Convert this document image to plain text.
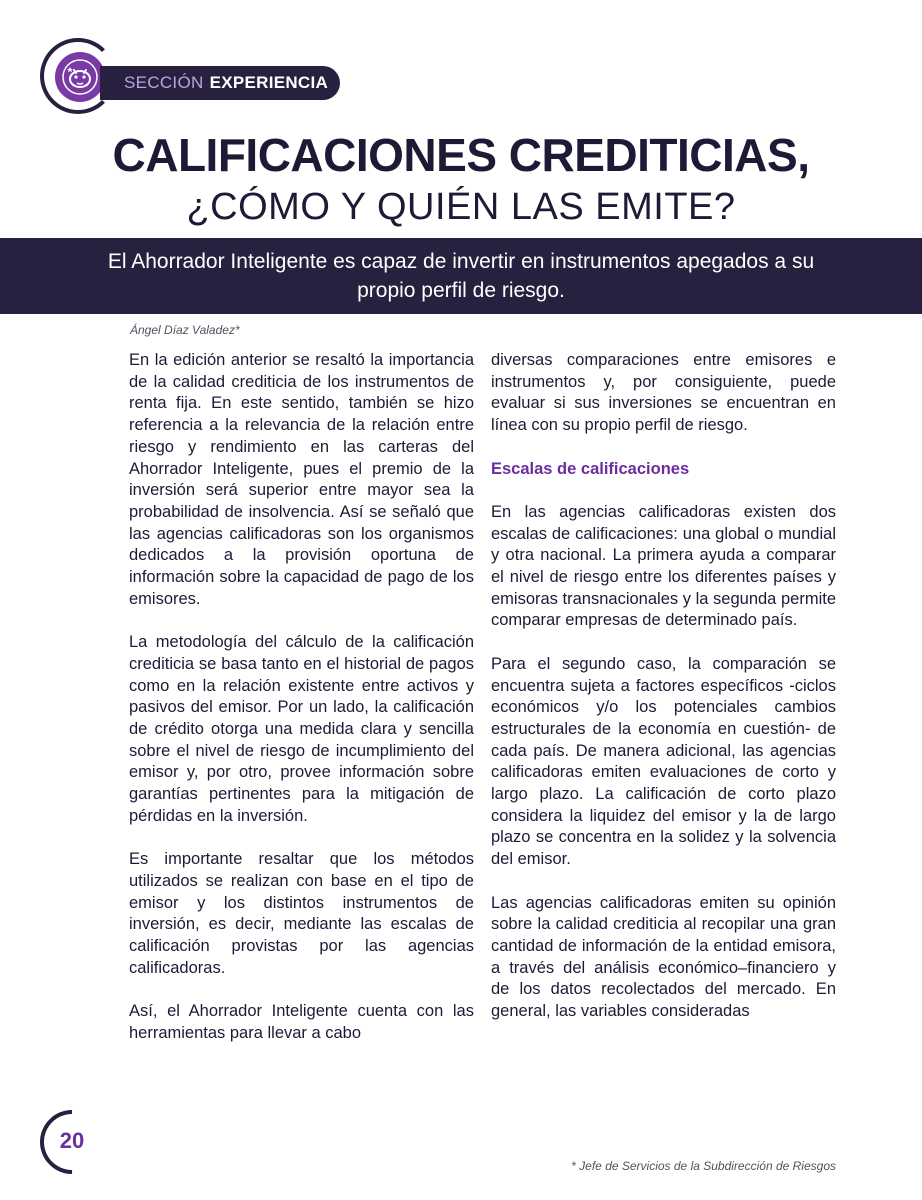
SECCIÓN EXPERIENCIA
CALIFICACIONES CREDITICIAS,
¿CÓMO Y QUIÉN LAS EMITE?

El Ahorrador Inteligente es capaz de invertir en instrumentos apegados a su propio perfil de riesgo.

Ángel Díaz Valadez*

En la edición anterior se resaltó la importancia de la calidad crediticia de los instrumentos de renta fija. En este sentido, también se hizo referencia a la relevancia de la relación entre riesgo y rendimiento en las carteras del Ahorrador Inteligente, pues el premio de la inversión será superior entre mayor sea la probabilidad de insolvencia. Así se señaló que las agencias calificadoras son los organismos dedicados a la provisión oportuna de información sobre la capacidad de pago de los emisores.

La metodología del cálculo de la calificación crediticia se basa tanto en el historial de pagos como en la relación existente entre activos y pasivos del emisor. Por un lado, la calificación de crédito otorga una medida clara y sencilla sobre el nivel de riesgo de incumplimiento del emisor y, por otro, provee información sobre garantías pertinentes para la mitigación de pérdidas en la inversión.

Es importante resaltar que los métodos utilizados se realizan con base en el tipo de emisor y los distintos instrumentos de inversión, es decir, mediante las escalas de calificación provistas por las agencias calificadoras.

Así, el Ahorrador Inteligente cuenta con las herramientas para llevar a cabo

diversas comparaciones entre emisores e instrumentos y, por consiguiente, puede evaluar si sus inversiones se encuentran en línea con su propio perfil de riesgo.

Escalas de calificaciones

En las agencias calificadoras existen dos escalas de calificaciones: una global o mundial y otra nacional. La primera ayuda a comparar el nivel de riesgo entre los diferentes países y emisoras transnacionales y la segunda permite comparar empresas de determinado país.

Para el segundo caso, la comparación se encuentra sujeta a factores específicos -ciclos económicos y/o los potenciales cambios estructurales de la economía en cuestión- de cada país. De manera adicional, las agencias calificadoras emiten evaluaciones de corto y largo plazo. La calificación de corto plazo considera la liquidez del emisor y la de largo plazo se concentra en la solidez y la solvencia del emisor.

Las agencias calificadoras emiten su opinión sobre la calidad crediticia al recopilar una gran cantidad de información de la entidad emisora, a través del análisis económico–financiero y de los datos recolectados del mercado. En general, las variables consideradas

20
* Jefe de Servicios de la Subdirección de Riesgos
